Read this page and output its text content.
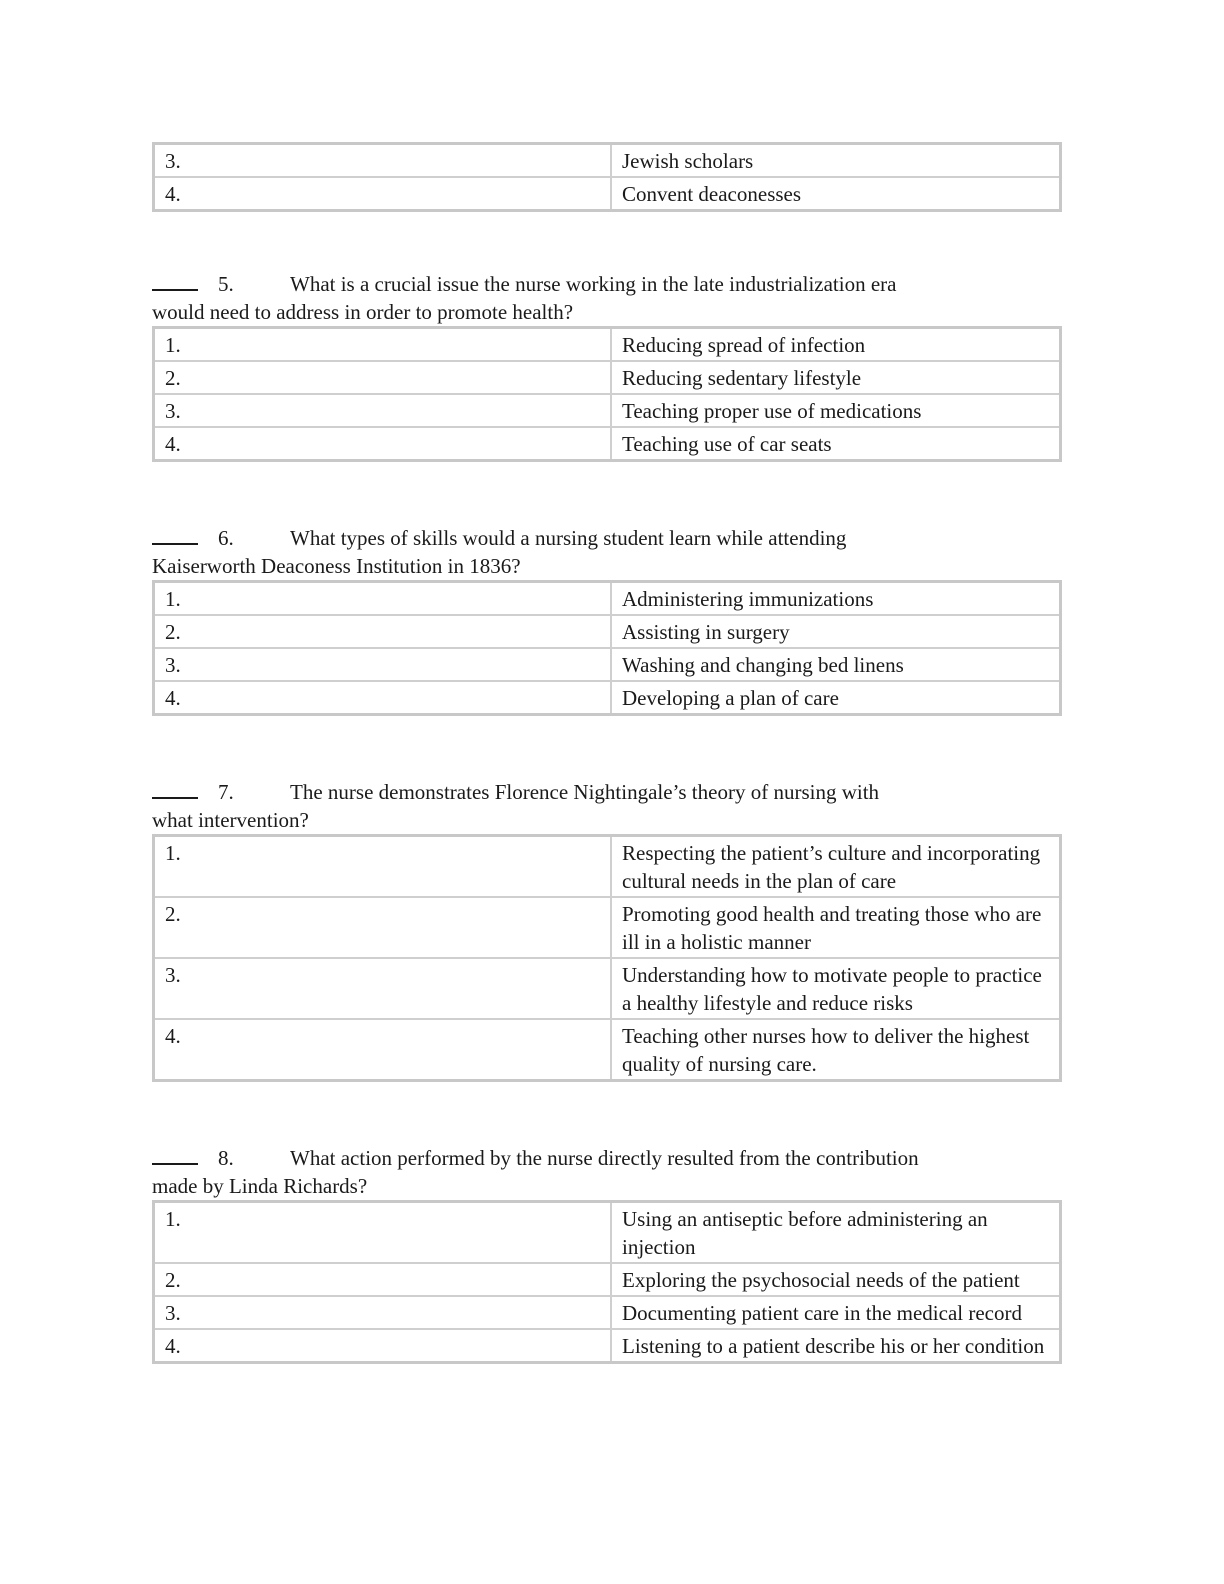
3.	Jewish scholars
4.	Convent deaconesses
5.	What is a crucial issue the nurse working in the late industrialization era
would need to address in order to promote health?
1.	Reducing spread of infection
2.	Reducing sedentary lifestyle
3.	Teaching proper use of medications
4.	Teaching use of car seats
6.	What types of skills would a nursing student learn while attending
Kaiserworth Deaconess Institution in 1836?
1.	Administering immunizations
2.	Assisting in surgery
3.	Washing and changing bed linens
4.	Developing a plan of care
7.	The nurse demonstrates Florence Nightingale’s theory of nursing with
what intervention?
1.	Respecting the patient’s culture and incorporating cultural needs in the plan of care
2.	Promoting good health and treating those who are ill in a holistic manner
3.	Understanding how to motivate people to practice a healthy lifestyle and reduce risks
4.	Teaching other nurses how to deliver the highest quality of nursing care.
8.	What action performed by the nurse directly resulted from the contribution
made by Linda Richards?
1.	Using an antiseptic before administering an injection
2.	Exploring the psychosocial needs of the patient
3.	Documenting patient care in the medical record
4.	Listening to a patient describe his or her condition
